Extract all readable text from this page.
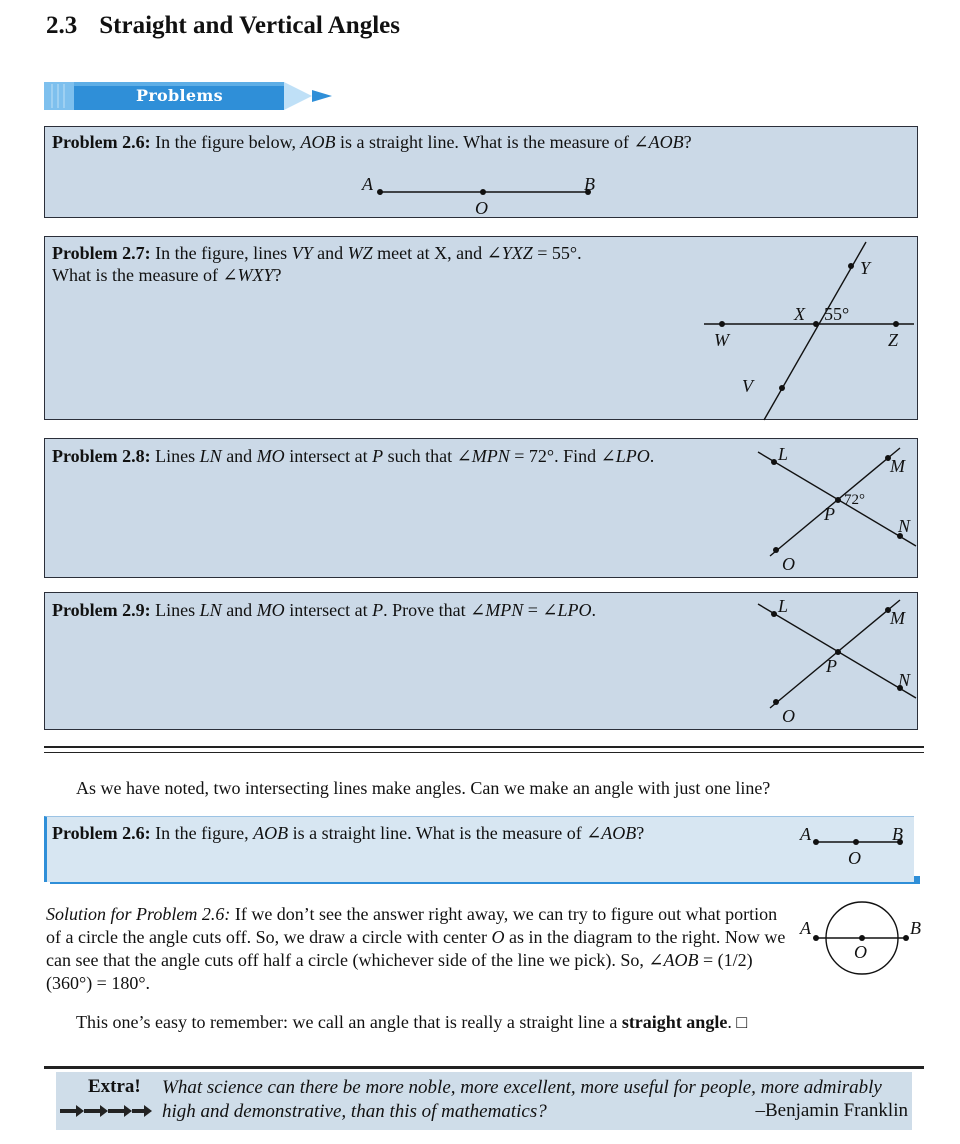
2.3 Straight and Vertical Angles
Problems
Problem 2.6: In the figure below, AOB is a straight line. What is the measure of ∠AOB?
A
O
B
Problem 2.7: In the figure, lines VY and WZ meet at X, and ∠YXZ = 55°.
What is the measure of ∠WXY?	Y
X 55°
W	Z
V
Problem 2.8: Lines LN and MO intersect at P such that ∠MPN = 72°. Find ∠LPO.	L
M
72°
P
N
O
Problem 2.9: Lines LN and MO intersect at P. Prove that ∠MPN = ∠LPO.	L
M
P
N
O
As we have noted, two intersecting lines make angles. Can we make an angle with just one line?
Problem 2.6: In the figure, AOB is a straight line. What is the measure of ∠AOB?	A
O
B
Solution for Problem 2.6: If we don’t see the answer right away, we can try to figure out what portion of a circle the angle cuts off. So, we draw a circle with center O as in the diagram to the right. Now we can see that the angle cuts off half a circle (whichever side of the line we pick). So, ∠AOB = (1/2)(360°) = 180°.
A
O
B
This one’s easy to remember: we call an angle that is really a straight line a straight angle. □
Extra! What science can there be more noble, more excellent, more useful for people, more admirably high and demonstrative, than this of mathematics?	–Benjamin Franklin
